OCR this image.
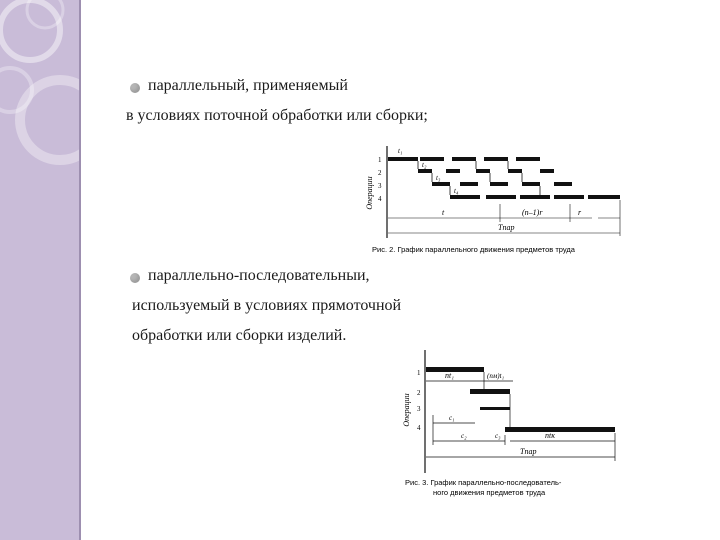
параллельный, применяемый
в условиях поточной обработки или сборки;
Операции
1
2
3
4
t₁
t₂
t₃
t₄
t	(n–1)r	r
Tпар
Рис. 2. График параллельного движения предметов труда
параллельно-последовательныи,
используемый в условиях прямоточной
обработки или сборки изделий.
Операции
1
2
3
4
nt₁	(nм)t₁
c₁
c₂	c₃	ntк
Tпар
Рис. 3. График параллельно-последователь-
ного движения предметов труда
